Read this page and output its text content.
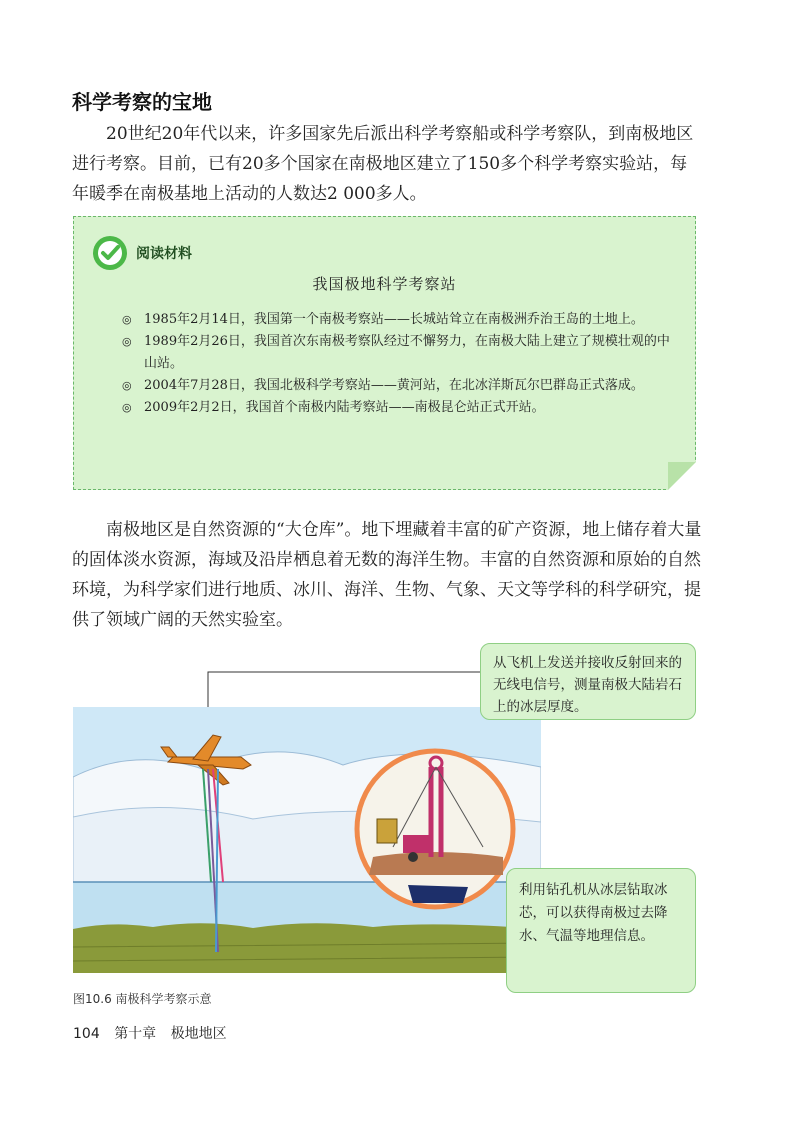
科学考察的宝地

20世纪20年代以来，许多国家先后派出科学考察船或科学考察队，到南极地区进行考察。目前，已有20多个国家在南极地区建立了150多个科学考察实验站，每年暖季在南极基地上活动的人数达2 000多人。

阅读材料
我国极地科学考察站
◎ 1985年2月14日，我国第一个南极考察站——长城站耸立在南极洲乔治王岛的土地上。
◎ 1989年2月26日，我国首次东南极考察队经过不懈努力，在南极大陆上建立了规模壮观的中山站。
◎ 2004年7月28日，我国北极科学考察站——黄河站，在北冰洋斯瓦尔巴群岛正式落成。
◎ 2009年2月2日，我国首个南极内陆考察站——南极昆仑站正式开站。

南极地区是自然资源的“大仓库”。地下埋藏着丰富的矿产资源，地上储存着大量的固体淡水资源，海域及沿岸栖息着无数的海洋生物。丰富的自然资源和原始的自然环境，为科学家们进行地质、冰川、海洋、生物、气象、天文等学科的科学研究，提供了领域广阔的天然实验室。

从飞机上发送并接收反射回来的无线电信号，测量南极大陆岩石上的冰层厚度。
利用钻孔机从冰层钻取冰芯，可以获得南极过去降水、气温等地理信息。
图10.6 南极科学考察示意
104 第十章 极地地区
